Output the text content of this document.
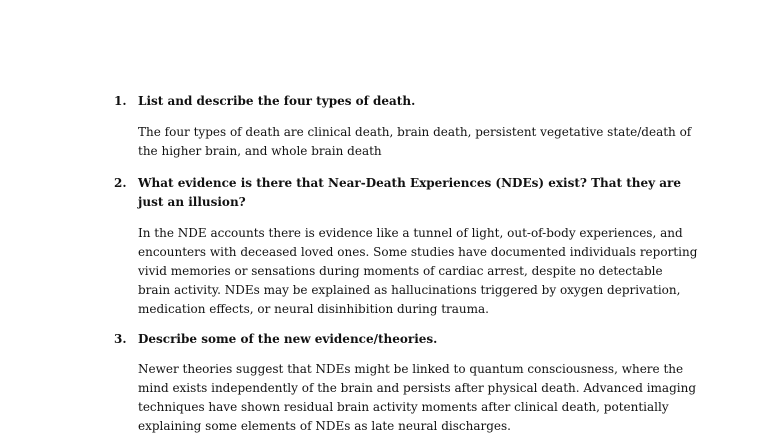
1. List and describe the four types of death.
The four types of death are clinical death, brain death, persistent vegetative state/death of the higher brain, and whole brain death
2. What evidence is there that Near-Death Experiences (NDEs) exist? That they are just an illusion?
In the NDE accounts there is evidence like a tunnel of light, out-of-body experiences, and encounters with deceased loved ones. Some studies have documented individuals reporting vivid memories or sensations during moments of cardiac arrest, despite no detectable brain activity. NDEs may be explained as hallucinations triggered by oxygen deprivation, medication effects, or neural disinhibition during trauma.
3. Describe some of the new evidence/theories.
Newer theories suggest that NDEs might be linked to quantum consciousness, where the mind exists independently of the brain and persists after physical death. Advanced imaging techniques have shown residual brain activity moments after clinical death, potentially explaining some elements of NDEs as late neural discharges.
